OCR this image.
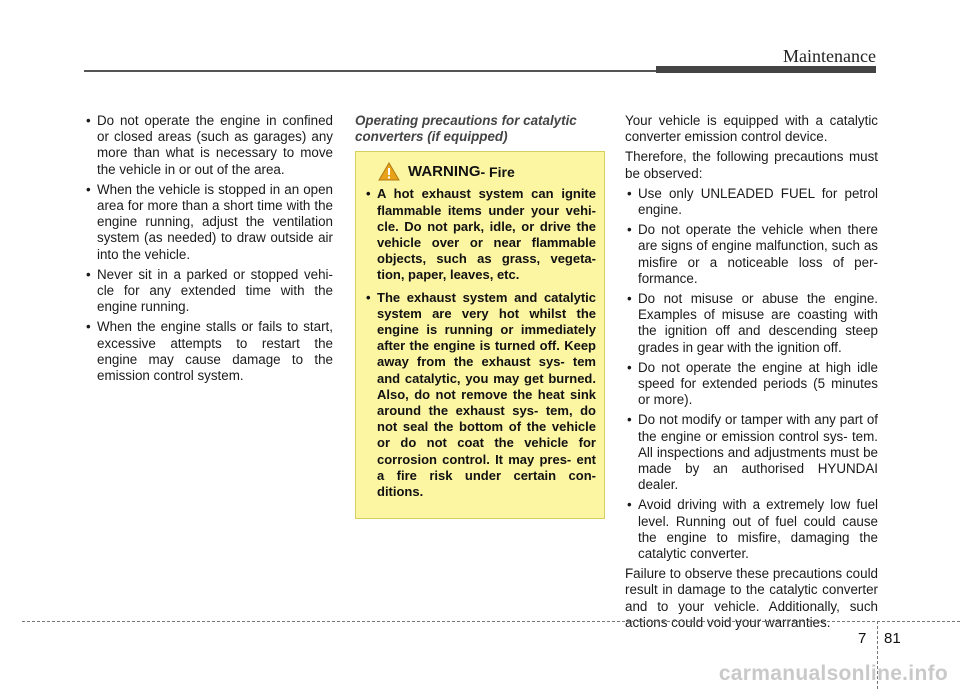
Maintenance
• Do not operate the engine in confined or closed areas (such as garages) any more than what is necessary to move the vehicle in or out of the area.
• When the vehicle is stopped in an open area for more than a short time with the engine running, adjust the ventilation system (as needed) to draw outside air into the vehicle.
• Never sit in a parked or stopped vehi- cle for any extended time with the engine running.
• When the engine stalls or fails to start, excessive attempts to restart the engine may cause damage to the emission control system.
Operating precautions for catalytic converters (if equipped)
WARNING - Fire
• A hot exhaust system can ignite flammable items under your vehi- cle. Do not park, idle, or drive the vehicle over or near flammable objects, such as grass, vegeta- tion, paper, leaves, etc.
• The exhaust system and catalytic system are very hot whilst the engine is running or immediately after the engine is turned off. Keep away from the exhaust sys- tem and catalytic, you may get burned. Also, do not remove the heat sink around the exhaust sys- tem, do not seal the bottom of the vehicle or do not coat the vehicle for corrosion control. It may pres- ent a fire risk under certain con- ditions.

Your vehicle is equipped with a catalytic converter emission control device.

Therefore, the following precautions must be observed:

• Use only UNLEADED FUEL for petrol engine.
• Do not operate the vehicle when there are signs of engine malfunction, such as misfire or a noticeable loss of per- formance.
• Do not misuse or abuse the engine. Examples of misuse are coasting with the ignition off and descending steep grades in gear with the ignition off.
• Do not operate the engine at high idle speed for extended periods (5 minutes or more).
• Do not modify or tamper with any part of the engine or emission control sys- tem. All inspections and adjustments must be made by an authorised HYUNDAI dealer.
• Avoid driving with a extremely low fuel level. Running out of fuel could cause the engine to misfire, damaging the catalytic converter.

Failure to observe these precautions could result in damage to the catalytic converter and to your vehicle. Additionally, such actions could void your warranties.

7 81
carmanualsonline.info
